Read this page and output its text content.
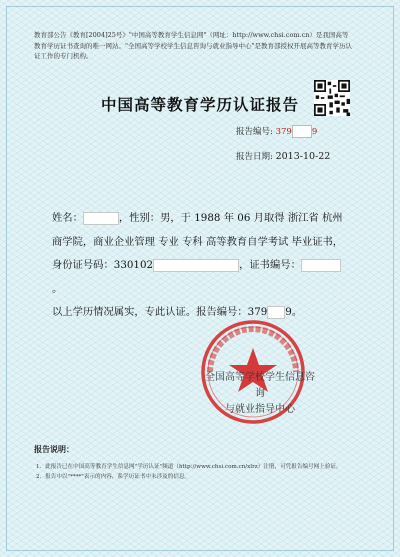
教育部公告《教育[2004]25号》"中国高等教育学生信息网"（网址：http://www.chsi.com.cn）是我国高等教育学历证书查询的唯一网站。"全国高等学校学生信息咨询与就业指导中心"是教育部授权开展高等教育学历认证工作的专门机构。

中国高等教育学历认证报告
报告编号: 379 9
报告日期: 2013-10-22

姓名：	，性别：男，于 1988 年 06 月取得 浙江省 杭州商学院，商业企业管理 专业 专科 高等教育自学考试 毕业证书，身份证号码：330102	，证书编号：。
以上学历情况属实，专此认证。报告编号：379 9。

全国高等学校学生信息咨询
与就业指导中心

报告说明：

1．此报告已在中国高等教育学生信息网"学历认证"频道（http://www.chsi.com.cn/xlrz）注册，可凭报告编号网上验证。
2．报告中以"****"表示的内容，系学历证书中未涉及的信息。
